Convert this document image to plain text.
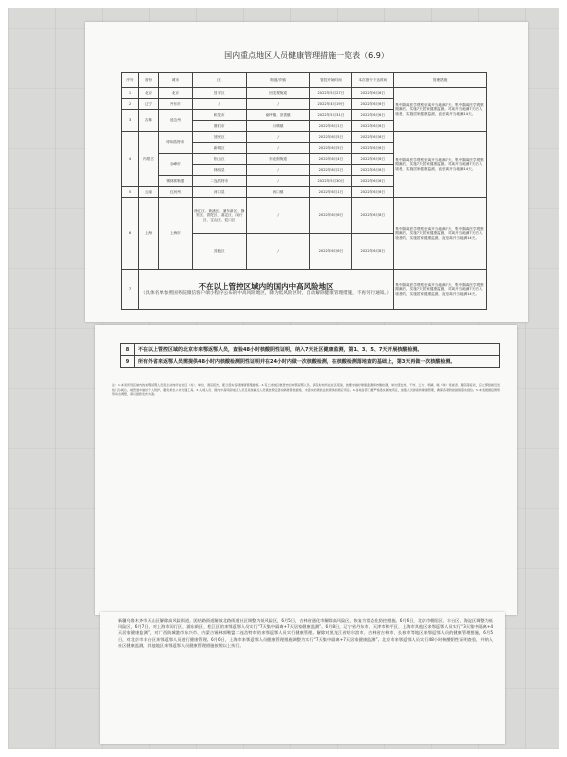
国内重点地区人员健康管理措施一览表（6.9）
序号	省份	城市	区	街道/乡镇	管控开始时间	本次指令下达时间	管理措施
1	北京	北京	昌平区	回龙观街道	2022年5月27日	2022年6月6日	集中隔离医学观察至离开当地满7天。集中隔离医学观察期满后，实施7天居家健康监测。对离开当地满7天后入境者，实施居家健康监测，直至离开当地满14天。
2	辽宁	丹东市	/	/	2022年4月19日	2022年6月6日	
3	吉林	延边州	和龙市	南坪镇、崇善镇	2022年5月31日	2022年6月6日	
			图们市	月晴镇	2022年6月1日	2022年6月6日	
4	内蒙古	呼和浩特市	回民区	/	2022年6月5日	2022年6月6日	集中隔离医学观察至离开当地满7天。集中隔离医学观察期满后，实施7天居家健康监测。对离开当地满7天后入境者，实施居家健康监测，直至离开当地满14天。
			新城区	/	2022年6月5日	2022年6月6日	
		赤峰市	松山区	东北街街道	2022年6月4日	2022年6月6日	
			林西县	/	2022年6月2日	2022年6月6日	
		锡林郭勒盟	二连浩特市	/	2022年5月30日	2022年6月6日	
5	云南	红河州	河口县	河口镇	2022年6月1日	2022年6月6日	
6	上海	上海市	徐汇区、黄浦区、浦东新区、静安区、普陀区、嘉定区、闵行区、宝山区、虹口区	/	2022年6月6日	2022年6月8日	集中隔离医学观察至离开当地满7天，集中隔离医学观察期满后，实施7天居家健康监测，对离开当地满7天后入境者的，实施居家健康监测，直至离开当地满14天。
			其他区	/	2022年6月6日	2022年6月8日	
7	不在以上管控区域内的国内中高风险地区
（具体名单参照国务院微信客户端小程序公布的中高风险地区，降为低风险区时，自动解除健康管理措施，不再另行通知。）						集中隔离医学观察至离开当地满7天，集中隔离医学观察期满后，实施7天居家健康监测，对离开当地满7天后入境者的，实施居家健康监测，直至离开当地满14天。
8	不在以上管控区域的北京市来鄂返鄂人员，查验48小时核酸阴性证明，纳入7天社区健康监测，第1、3、5、7天开展核酸检测。
9	所有外省来返鄂人员需提供48小时内核酸检测阴性证明并在24小时内做一次核酸检测，在核酸检测落地查的基础上，第3天再做一次核酸检测。
注：1.本表所列区域内的来鄂返鄂人员需主动向所在社区（村）、单位、酒店报告，配合落实各项健康管理措施。2.有上述地区旅居史的来鄂返鄂人员，请及时向所在社区报备，按要求做好健康监测和核酸检测，如出现发热、干咳、乏力、咽痛、嗅（味）觉减退、腹泻等症状，应立即到就近发热门诊就诊，就医途中做好个人防护，避免乘坐公共交通工具。3.入境人员、国内中高风险地区人员及其他重点人员须按规定落实隔离管控措施，未落实的须依法依规承担相应责任。4.各地各部门要严格落实属地责任，加强人员排查和健康管理，确保各项防控措施落实到位。5.本表根据疫情形势动态调整，请以最新发布为准。
新疆乌鲁木齐市天山区解除高风险街道，团结路街道解放北路街道社区调整为低风险区，6月5日，吉林省通化市解除高风险区，恢复为常态化防控措施。6月6日，北京市朝阳区、丰台区、海淀区调整为低风险区，6月7日，对上海市闵行区、浦东新区、松江区的来鄂返鄂人员实行“7天集中隔离+7天居家健康监测”。6月8日，辽宁省丹东市、天津市和平区、上海市其他区来鄂返鄂人员实行“3天集中隔离+4天居家健康监测”，对广西防城港市东兴市、内蒙古锡林郭勒盟二连浩特市的来鄂返鄂人员实行健康管理。解除对黑龙江省哈尔滨市、吉林省吉林市、长春市等地区来鄂返鄂人员的健康管理措施，6月5日，对北京市丰台区来鄂返鄂人员进行健康管理。6月6日，上海市来鄂返鄂人员健康管理措施调整为实行“7天集中隔离+7天居家健康监测”。北京市来鄂返鄂人员实行48小时核酸阴性证明查验，并纳入社区健康监测，其他地区来鄂返鄂人员健康管理措施按照以上执行。
